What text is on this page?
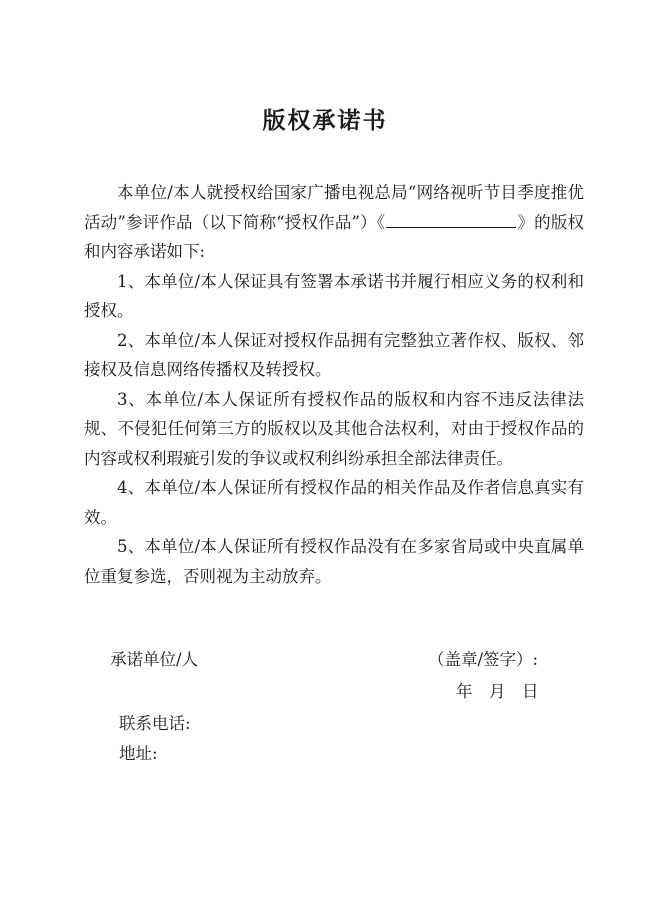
版权承诺书

本单位/本人就授权给国家广播电视总局“网络视听节目季度推优活动”参评作品（以下简称“授权作品”）《	》的版权和内容承诺如下:

1、本单位/本人保证具有签署本承诺书并履行相应义务的权利和授权。

2、本单位/本人保证对授权作品拥有完整独立著作权、版权、邻接权及信息网络传播权及转授权。

3、本单位/本人保证所有授权作品的版权和内容不违反法律法规、不侵犯任何第三方的版权以及其他合法权利，对由于授权作品的内容或权利瑕疵引发的争议或权利纠纷承担全部法律责任。

4、本单位/本人保证所有授权作品的相关作品及作者信息真实有效。

5、本单位/本人保证所有授权作品没有在多家省局或中央直属单位重复参选，否则视为主动放弃。

承诺单位/人	（盖章/签字）:
年　月　日
联系电话:
地址:
